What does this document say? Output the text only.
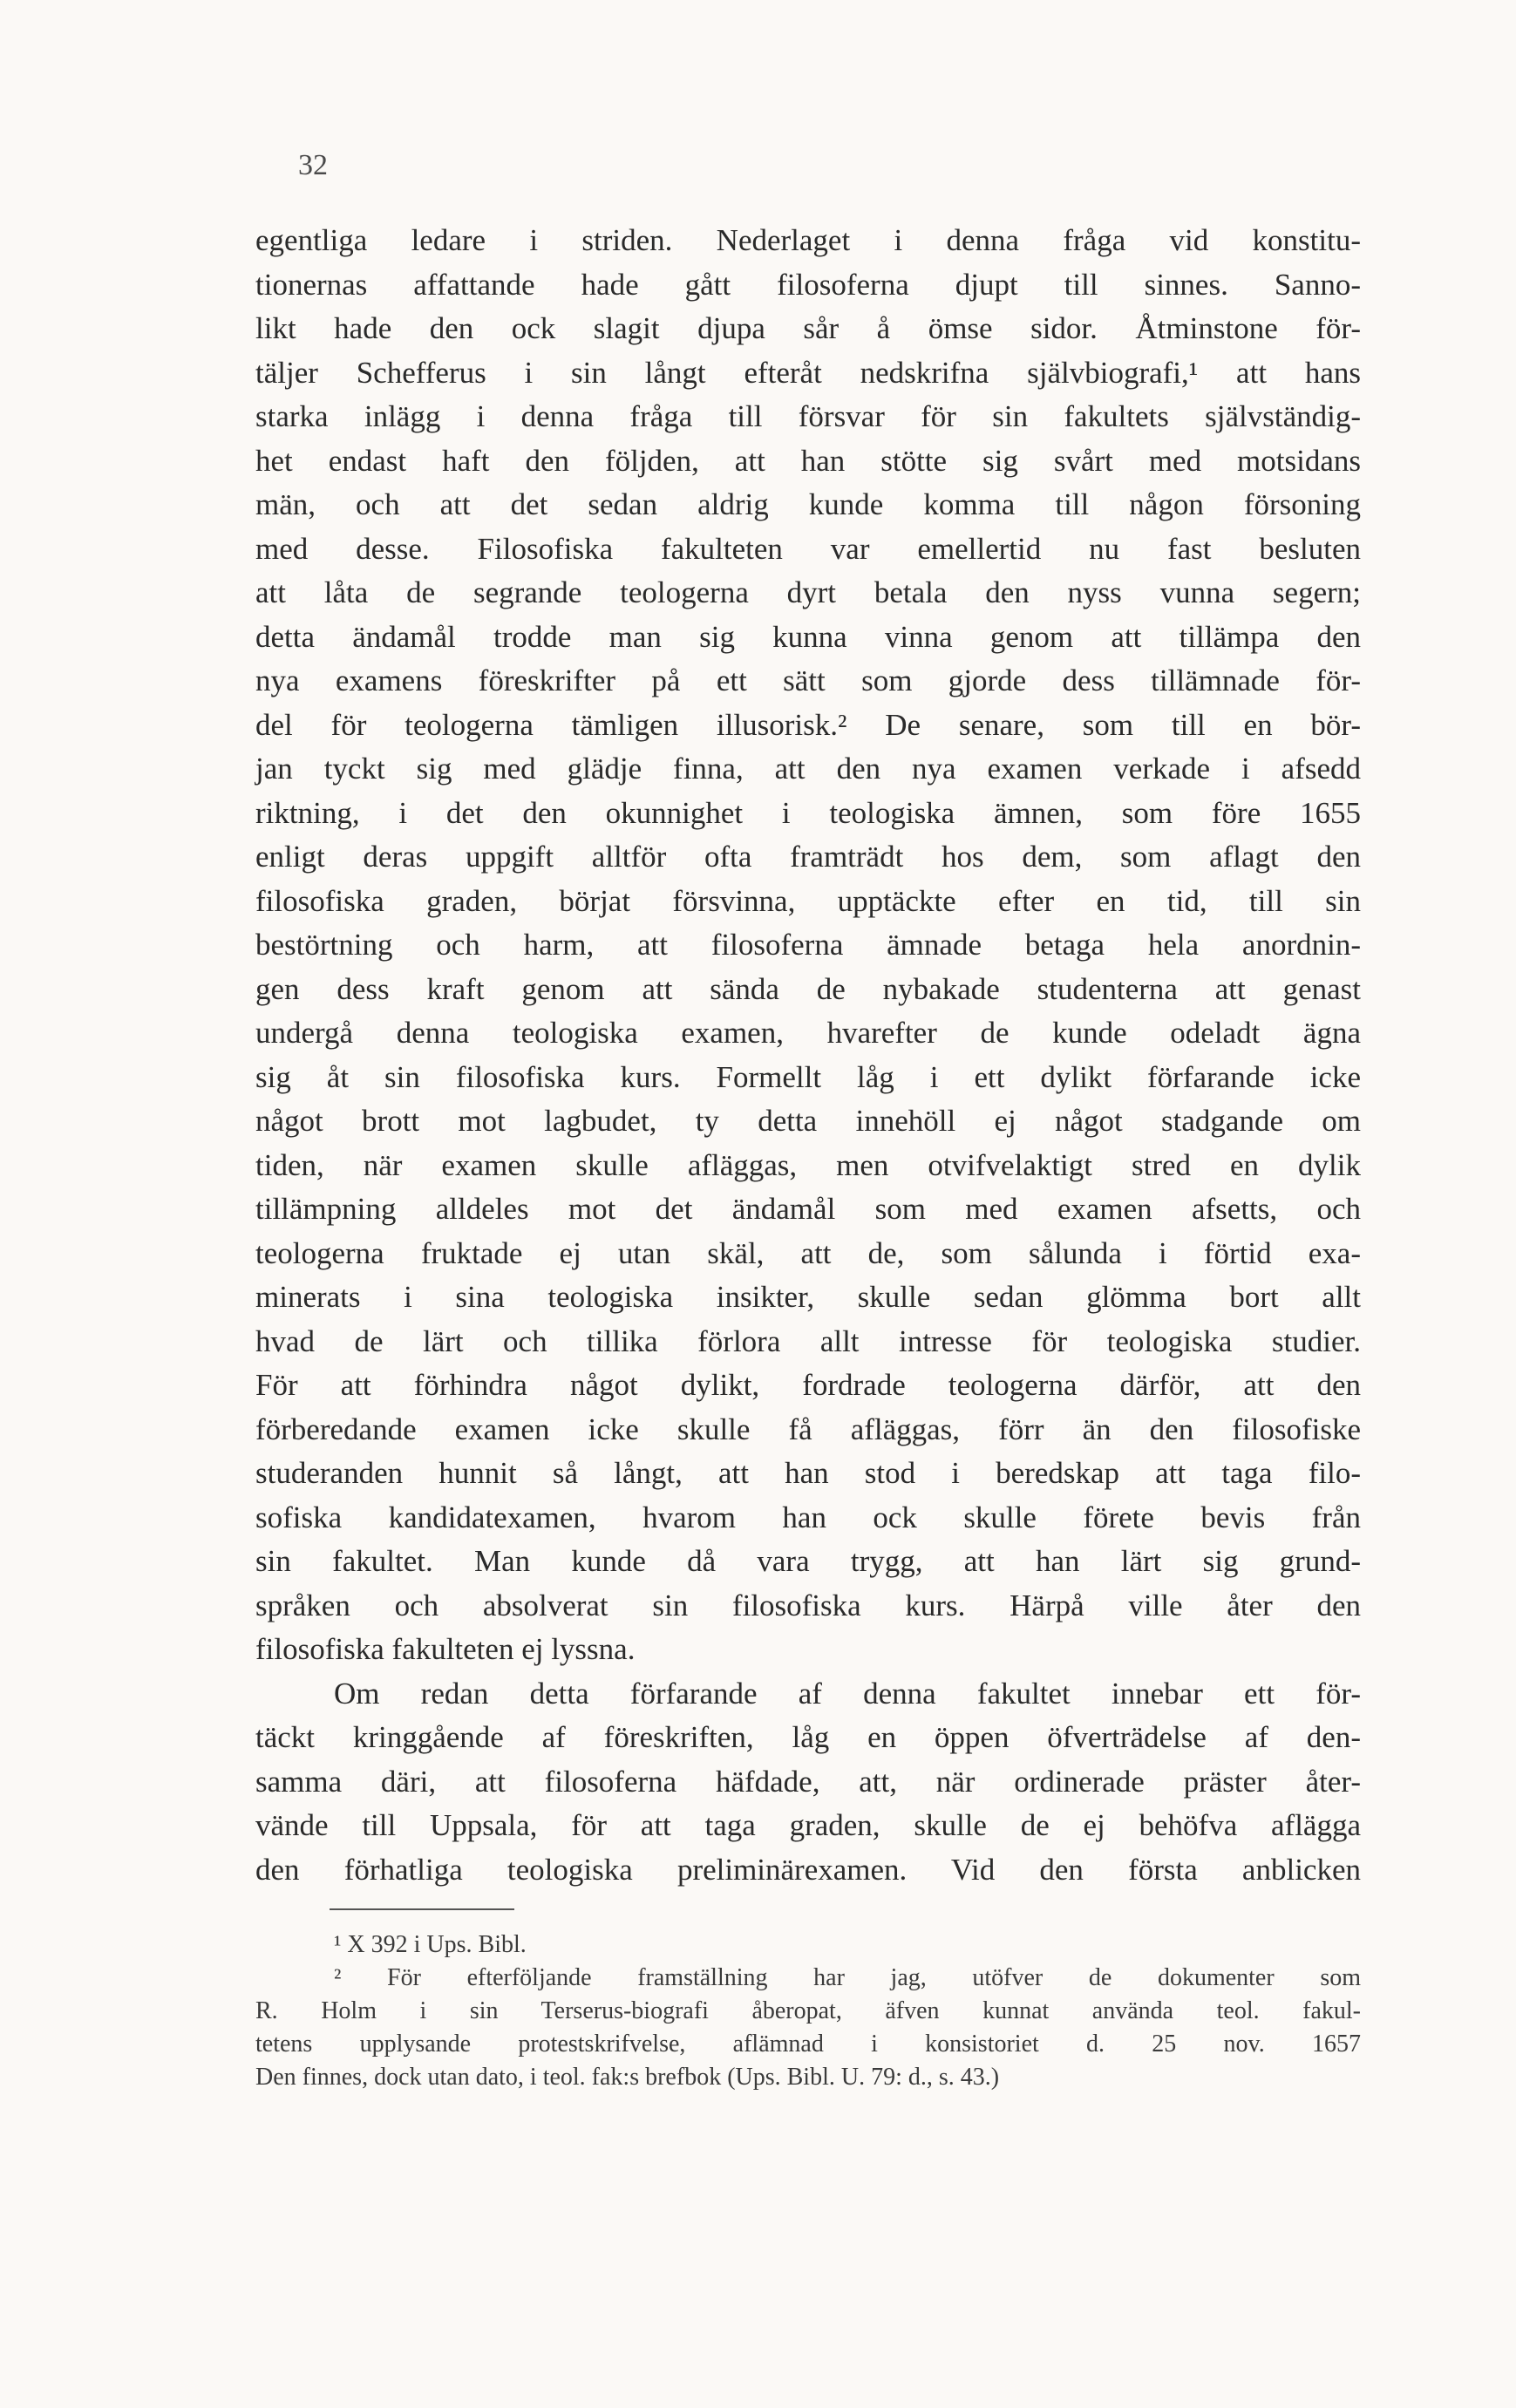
32
egentliga ledare i striden. Nederlaget i denna fråga vid konstitu-
tionernas affattande hade gått filosoferna djupt till sinnes. Sanno-
likt hade den ock slagit djupa sår å ömse sidor. Åtminstone för-
täljer Schefferus i sin långt efteråt nedskrifna självbiografi,¹ att hans
starka inlägg i denna fråga till försvar för sin fakultets självständig-
het endast haft den följden, att han stötte sig svårt med motsidans
män, och att det sedan aldrig kunde komma till någon försoning
med desse. Filosofiska fakulteten var emellertid nu fast besluten
att låta de segrande teologerna dyrt betala den nyss vunna segern;
detta ändamål trodde man sig kunna vinna genom att tillämpa den
nya examens föreskrifter på ett sätt som gjorde dess tillämnade för-
del för teologerna tämligen illusorisk.² De senare, som till en bör-
jan tyckt sig med glädje finna, att den nya examen verkade i afsedd
riktning, i det den okunnighet i teologiska ämnen, som före 1655
enligt deras uppgift alltför ofta framträdt hos dem, som aflagt den
filosofiska graden, börjat försvinna, upptäckte efter en tid, till sin
bestörtning och harm, att filosoferna ämnade betaga hela anordnin-
gen dess kraft genom att sända de nybakade studenterna att genast
undergå denna teologiska examen, hvarefter de kunde odeladt ägna
sig åt sin filosofiska kurs. Formellt låg i ett dylikt förfarande icke
något brott mot lagbudet, ty detta innehöll ej något stadgande om
tiden, när examen skulle afläggas, men otvifvelaktigt stred en dylik
tillämpning alldeles mot det ändamål som med examen afsetts, och
teologerna fruktade ej utan skäl, att de, som sålunda i förtid exa-
minerats i sina teologiska insikter, skulle sedan glömma bort allt
hvad de lärt och tillika förlora allt intresse för teologiska studier.
För att förhindra något dylikt, fordrade teologerna därför, att den
förberedande examen icke skulle få afläggas, förr än den filosofiske
studeranden hunnit så långt, att han stod i beredskap att taga filo-
sofiska kandidatexamen, hvarom han ock skulle förete bevis från
sin fakultet. Man kunde då vara trygg, att han lärt sig grund-
språken och absolverat sin filosofiska kurs. Härpå ville åter den
filosofiska fakulteten ej lyssna.
Om redan detta förfarande af denna fakultet innebar ett för-
täckt kringgående af föreskriften, låg en öppen öfverträdelse af den-
samma däri, att filosoferna häfdade, att, när ordinerade präster åter-
vände till Uppsala, för att taga graden, skulle de ej behöfva aflägga
den förhatliga teologiska preliminärexamen. Vid den första anblicken
¹ X 392 i Ups. Bibl.
² För efterföljande framställning har jag, utöfver de dokumenter som
R. Holm i sin Terserus-biografi åberopat, äfven kunnat använda teol. fakul-
tetens upplysande protestskrifvelse, aflämnad i konsistoriet d. 25 nov. 1657
Den finnes, dock utan dato, i teol. fak:s brefbok (Ups. Bibl. U. 79: d., s. 43.)
